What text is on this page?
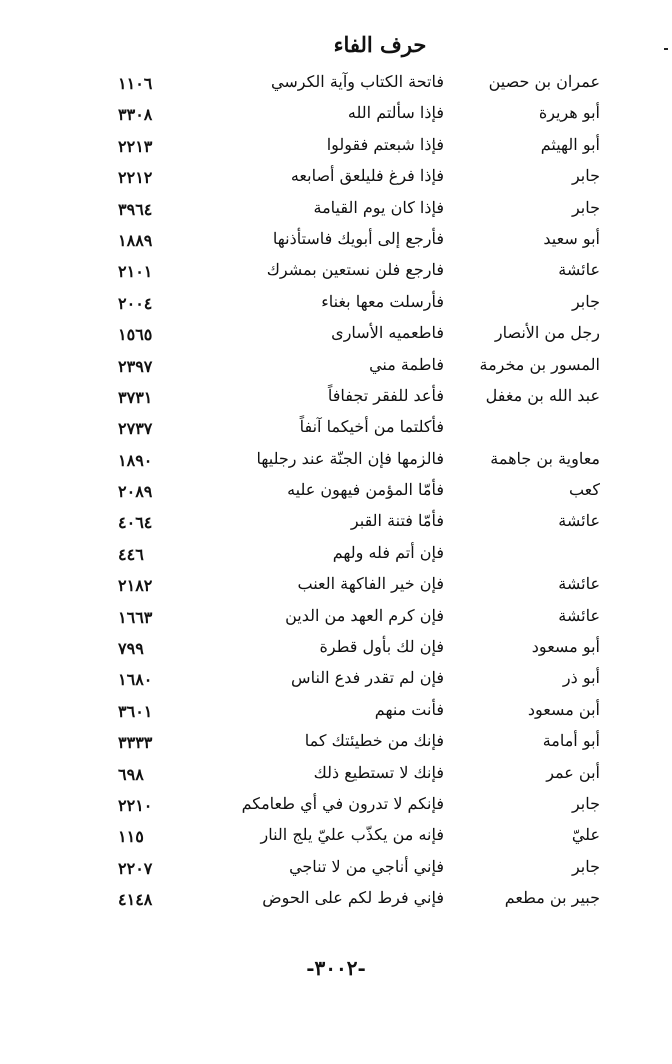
حرف الفاء
عمران بن حصين
فاتحة الكتاب وآية الكرسي
١١٠٦
أبو هريرة
فإذا سألتم الله
٣٣٠٨
أبو الهيثم
فإذا شبعتم فقولوا
٢٢١٣
جابر
فإذا فرغ فليلعق أصابعه
٢٢١٢
جابر
فإذا كان يوم القيامة
٣٩٦٤
أبو سعيد
فأرجع إلى أبويك فاستأذنها
١٨٨٩
عائشة
فارجع فلن نستعين بمشرك
٢١٠١
جابر
فأرسلت معها بغناء
٢٠٠٤
رجل من الأنصار
فاطعميه الأسارى
١٥٦٥
المسور بن مخرمة
فاطمة مني
٢٣٩٧
عبد الله بن مغفل
فأعد للفقر تجفافاً
٣٧٣١
فأكلتما من أخيكما آنفاً
٢٧٣٧
معاوية بن جاهمة
فالزمها فإن الجنّة عند رجليها
١٨٩٠
كعب
فأمّا المؤمن فيهون عليه
٢٠٨٩
عائشة
فأمّا فتنة القبر
٤٠٦٤
فإن أتم فله ولهم
٤٤٦
عائشة
فإن خير الفاكهة العنب
٢١٨٢
عائشة
فإن كرم العهد من الدين
١٦٦٣
أبو مسعود
فإن لك بأول قطرة
٧٩٩
أبو ذر
فإن لم تقدر فدع الناس
١٦٨٠
أبن مسعود
فأنت منهم
٣٦٠١
أبو أمامة
فإنك من خطيئتك كما
٣٣٣٣
أبن عمر
فإنك لا تستطيع ذلك
٦٩٨
جابر
فإنكم لا تدرون في أي طعامكم
٢٢١٠
عليّ
فإنه من يكذّب عليّ يلج النار
١١٥
جابر
فإني أناجي من لا تناجي
٢٢٠٧
جبير بن مطعم
فإني فرط لكم على الحوض
٤١٤٨
-٣٠٠٢-
